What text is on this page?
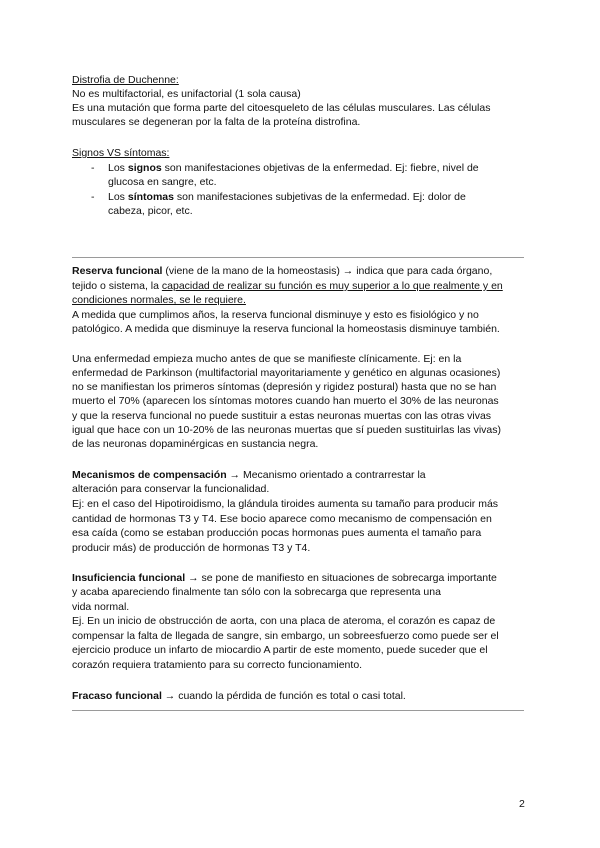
Distrofia de Duchenne:
No es multifactorial, es unifactorial (1 sola causa)
Es una mutación que forma parte del citoesqueleto de las células musculares. Las células
musculares se degeneran por la falta de la proteína distrofina.
Signos VS síntomas:
- Los signos son manifestaciones objetivas de la enfermedad. Ej: fiebre, nivel de
glucosa en sangre, etc.
- Los síntomas son manifestaciones subjetivas de la enfermedad. Ej: dolor de
cabeza, picor, etc.
Reserva funcional (viene de la mano de la homeostasis) → indica que para cada órgano,
tejido o sistema, la capacidad de realizar su función es muy superior a lo que realmente y en
condiciones normales, se le requiere.
A medida que cumplimos años, la reserva funcional disminuye y esto es fisiológico y no
patológico. A medida que disminuye la reserva funcional la homeostasis disminuye también.
Una enfermedad empieza mucho antes de que se manifieste clínicamente. Ej: en la
enfermedad de Parkinson (multifactorial mayoritariamente y genético en algunas ocasiones)
no se manifiestan los primeros síntomas (depresión y rigidez postural) hasta que no se han
muerto el 70% (aparecen los síntomas motores cuando han muerto el 30% de las neuronas
y que la reserva funcional no puede sustituir a estas neuronas muertas con las otras vivas
igual que hace con un 10-20% de las neuronas muertas que sí pueden sustituirlas las vivas)
de las neuronas dopaminérgicas en sustancia negra.
Mecanismos de compensación → Mecanismo orientado a contrarrestar la
alteración para conservar la funcionalidad.
Ej: en el caso del Hipotiroidismo, la glándula tiroides aumenta su tamaño para producir más
cantidad de hormonas T3 y T4. Ese bocio aparece como mecanismo de compensación en
esa caída (como se estaban producción pocas hormonas pues aumenta el tamaño para
producir más) de producción de hormonas T3 y T4.
Insuficiencia funcional → se pone de manifiesto en situaciones de sobrecarga importante
y acaba apareciendo finalmente tan sólo con la sobrecarga que representa una
vida normal.
Ej. En un inicio de obstrucción de aorta, con una placa de ateroma, el corazón es capaz de
compensar la falta de llegada de sangre, sin embargo, un sobreesfuerzo como puede ser el
ejercicio produce un infarto de miocardio A partir de este momento, puede suceder que el
corazón requiera tratamiento para su correcto funcionamiento.
Fracaso funcional → cuando la pérdida de función es total o casi total.
2
